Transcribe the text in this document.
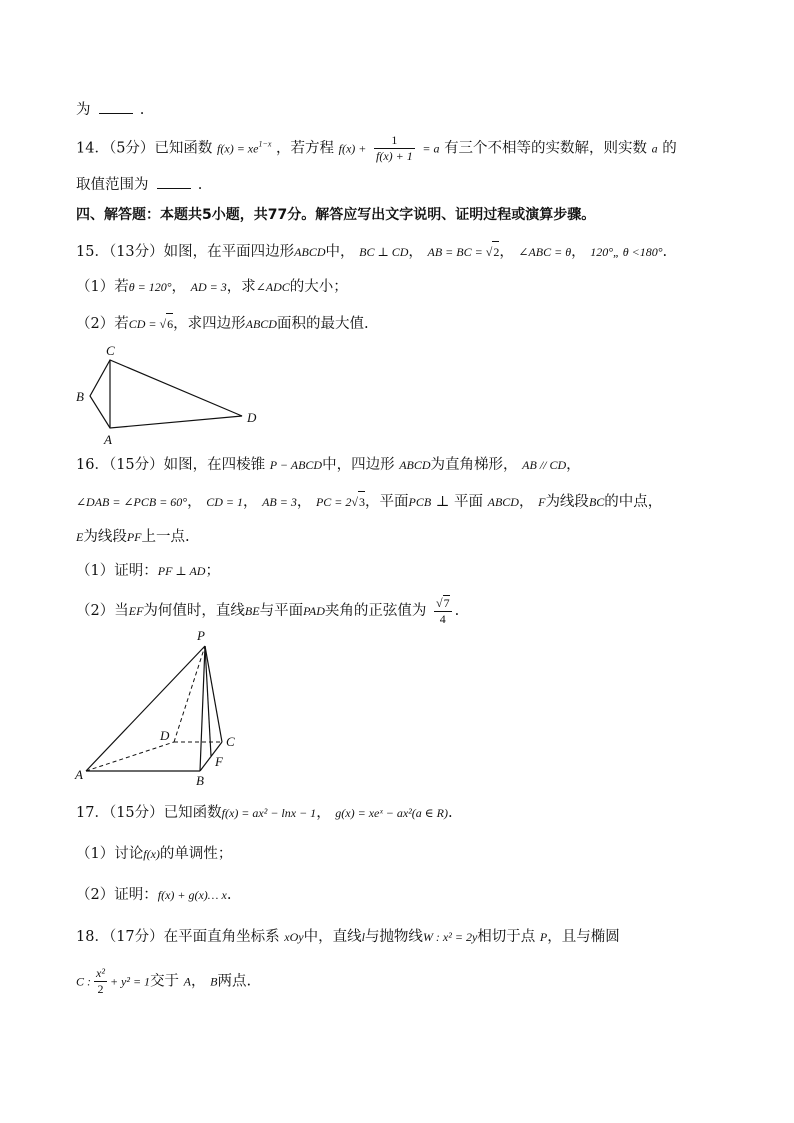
为	.
14．（5分）已知函数 $f(x) = xe^{1-x}$ ，若方程 $f(x) + \frac{1}{f(x) + 1} = a$ 有三个不相等的实数解，则实数 a 的
取值范围为	.
四、解答题：本题共5小题，共77分。解答应写出文字说明、证明过程或演算步骤。
15．（13分）如图，在平面四边形ABCD中， BC ⊥ CD， AB = BC = √2， ∠ABC = θ， 120°„ θ <180°.
（1）若θ = 120°， AD = 3，求∠ADC的大小；
（2）若CD = √6，求四边形ABCD面积的最大值.
C
B
A
D
16．（15分）如图，在四棱锥 P − ABCD中，四边形 ABCD为直角梯形， AB // CD，
∠DAB = ∠PCB = 60°， CD = 1， AB = 3， PC = 2√3，平面PCB ⊥ 平面 ABCD， F为线段BC的中点，
E为线段PF上一点.
（1）证明：PF ⊥ AD；
（2）当EF为何值时，直线BE与平面PAD夹角的正弦值为 $\frac{√7}{4}$ .
P
D	C
A	B
F
17．（15分）已知函数f(x) = ax² − lnx − 1， g(x) = xeˣ − ax²(a ∈ R).
（1）讨论f(x)的单调性；
（2）证明：f(x) + g(x)… x.
18．（17分）在平面直角坐标系 xOy中，直线l与抛物线W : x² = 2y相切于点 P，且与椭圆
C : $\frac{\text{x²}}{2} + y^2 = 1$交于 A， B两点.
